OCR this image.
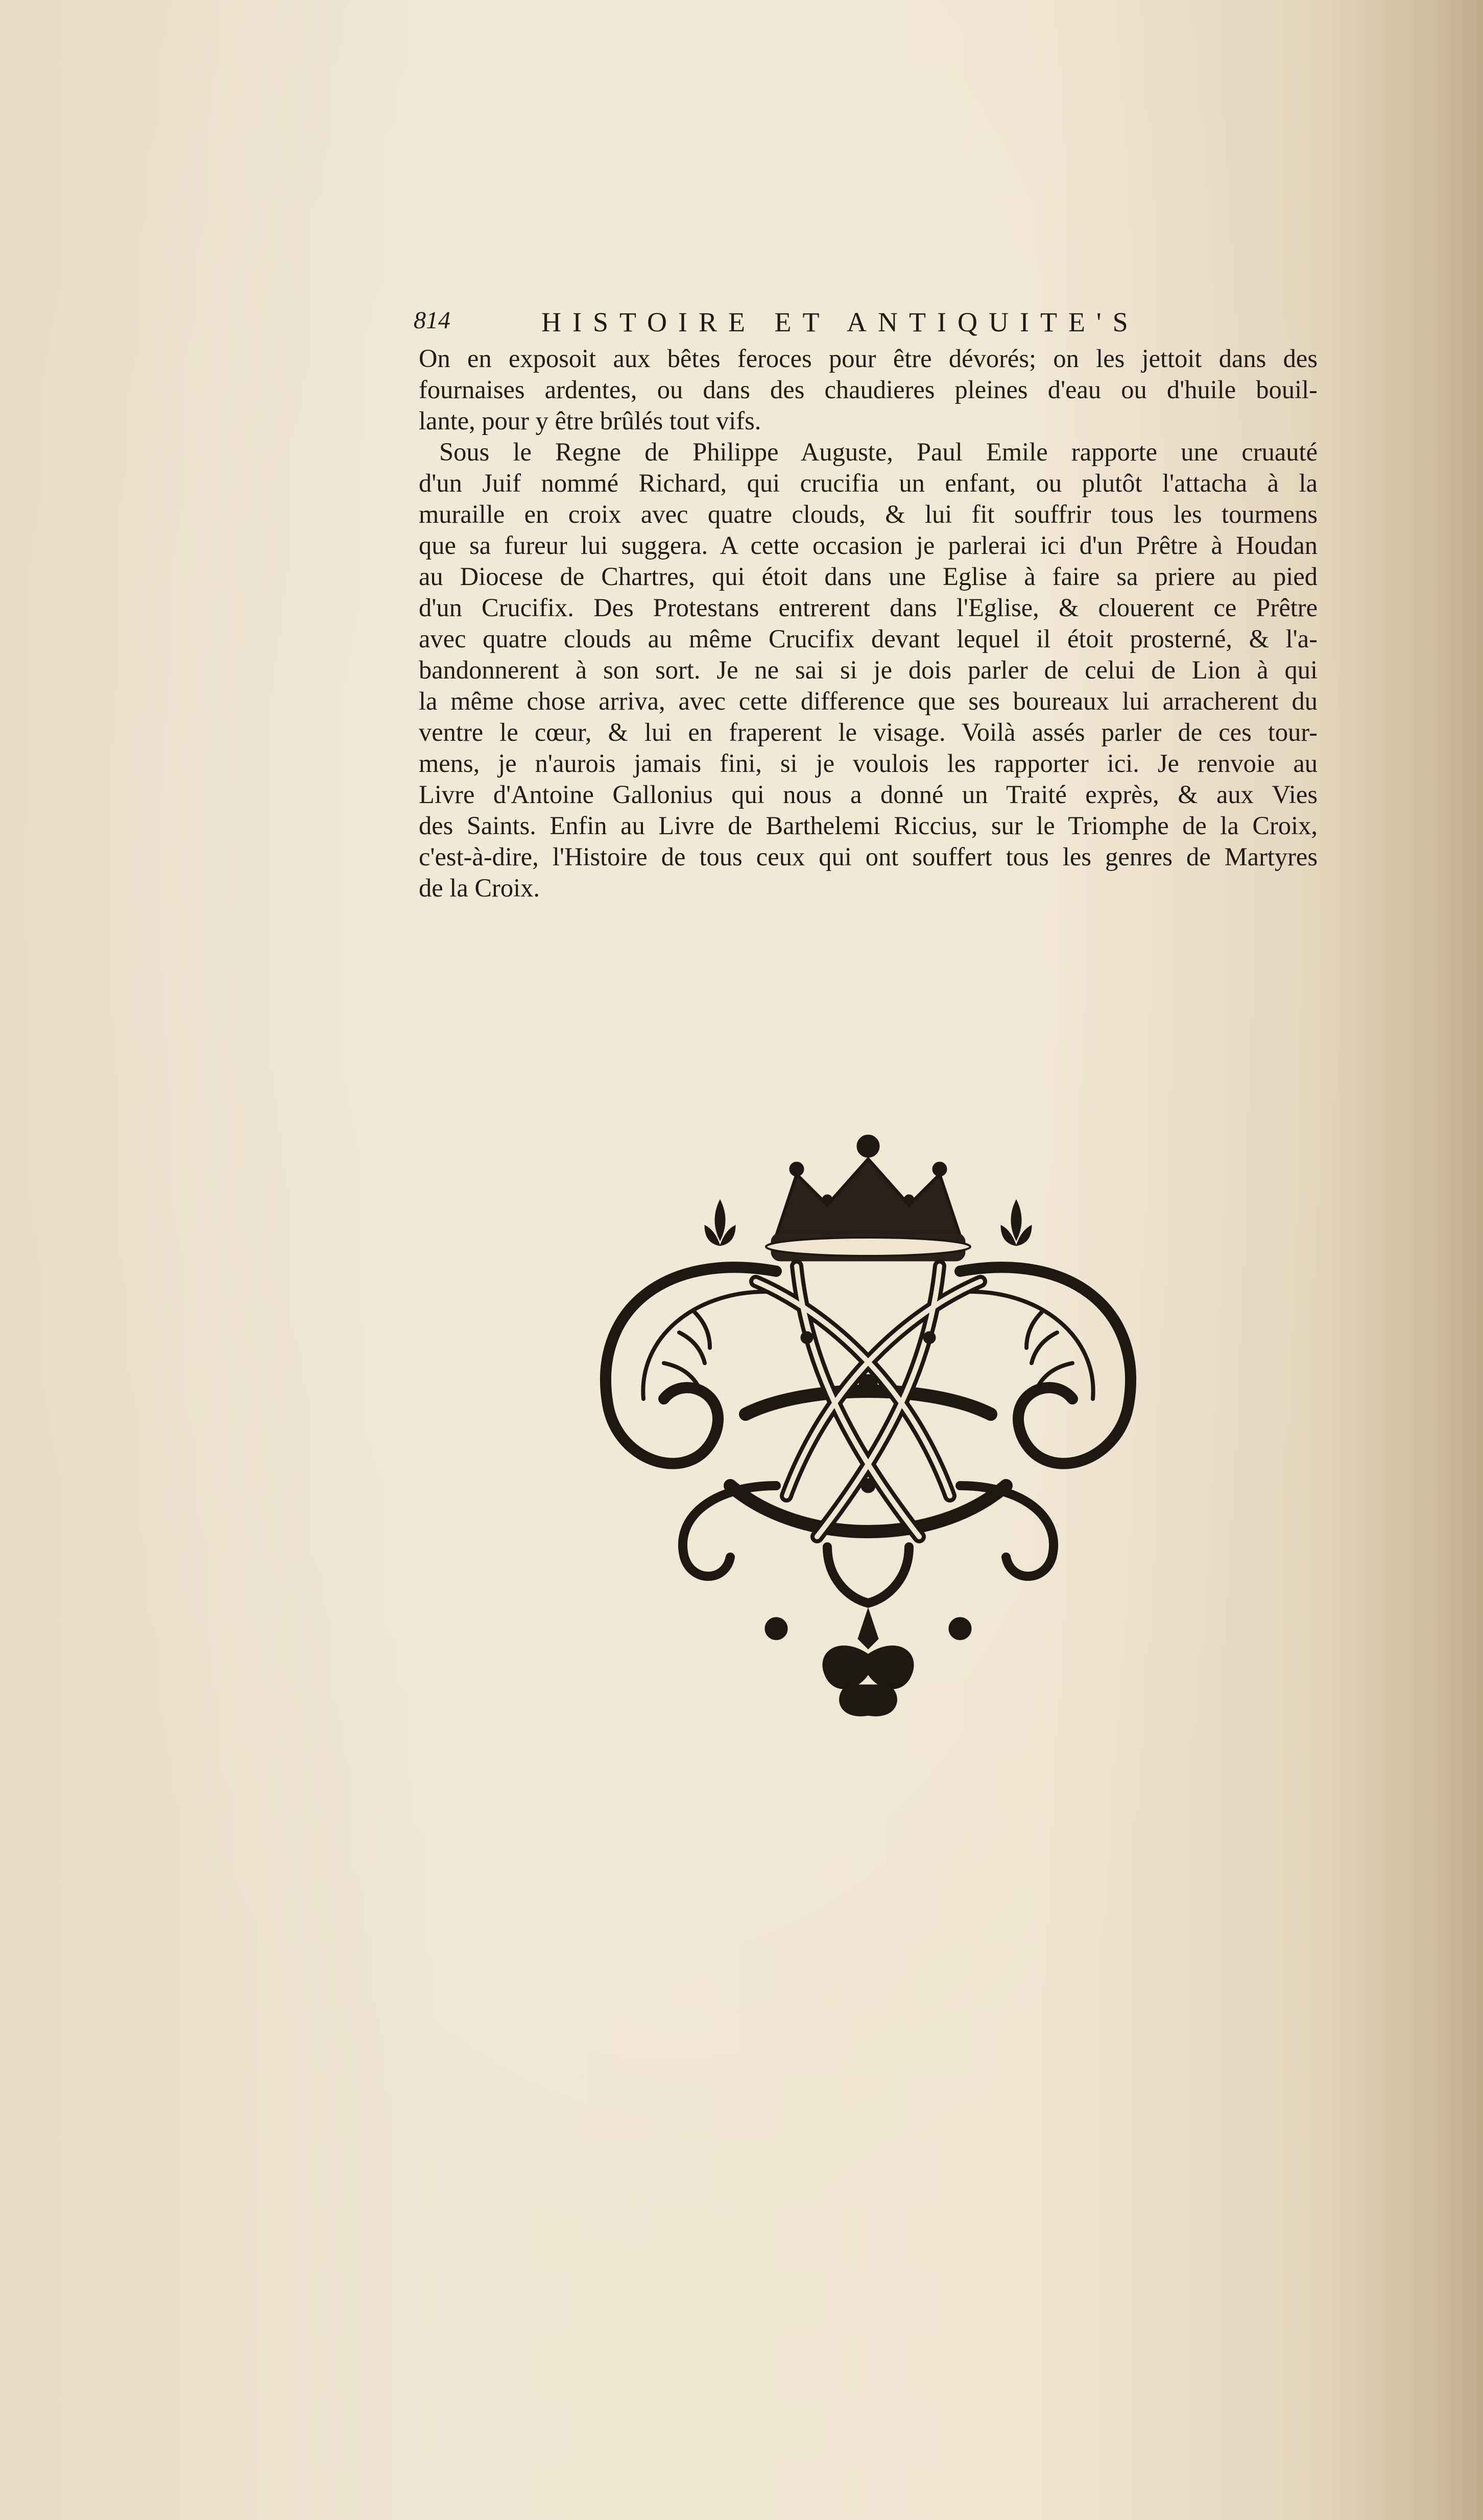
814	HISTOIRE ET ANTIQUITE'S
On en exposoit aux bêtes feroces pour être dévorés; on les jettoit dans des
fournaises ardentes, ou dans des chaudieres pleines d'eau ou d'huile bouil-
lante, pour y être brûlés tout vifs.
Sous le Regne de Philippe Auguste, Paul Emile rapporte une cruauté
d'un Juif nommé Richard, qui crucifia un enfant, ou plutôt l'attacha à la
muraille en croix avec quatre clouds, & lui fit souffrir tous les tourmens
que sa fureur lui suggera. A cette occasion je parlerai ici d'un Prêtre à Houdan
au Diocese de Chartres, qui étoit dans une Eglise à faire sa priere au pied
d'un Crucifix. Des Protestans entrerent dans l'Eglise, & clouerent ce Prêtre
avec quatre clouds au même Crucifix devant lequel il étoit prosterné, & l'a-
bandonnerent à son sort. Je ne sai si je dois parler de celui de Lion à qui
la même chose arriva, avec cette difference que ses boureaux lui arracherent du
ventre le cœur, & lui en fraperent le visage. Voilà assés parler de ces tour-
mens, je n'aurois jamais fini, si je voulois les rapporter ici. Je renvoie au
Livre d'Antoine Gallonius qui nous a donné un Traité exprès, & aux Vies
des Saints. Enfin au Livre de Barthelemi Riccius, sur le Triomphe de la Croix,
c'est-à-dire, l'Histoire de tous ceux qui ont souffert tous les genres de Martyres
de la Croix.
